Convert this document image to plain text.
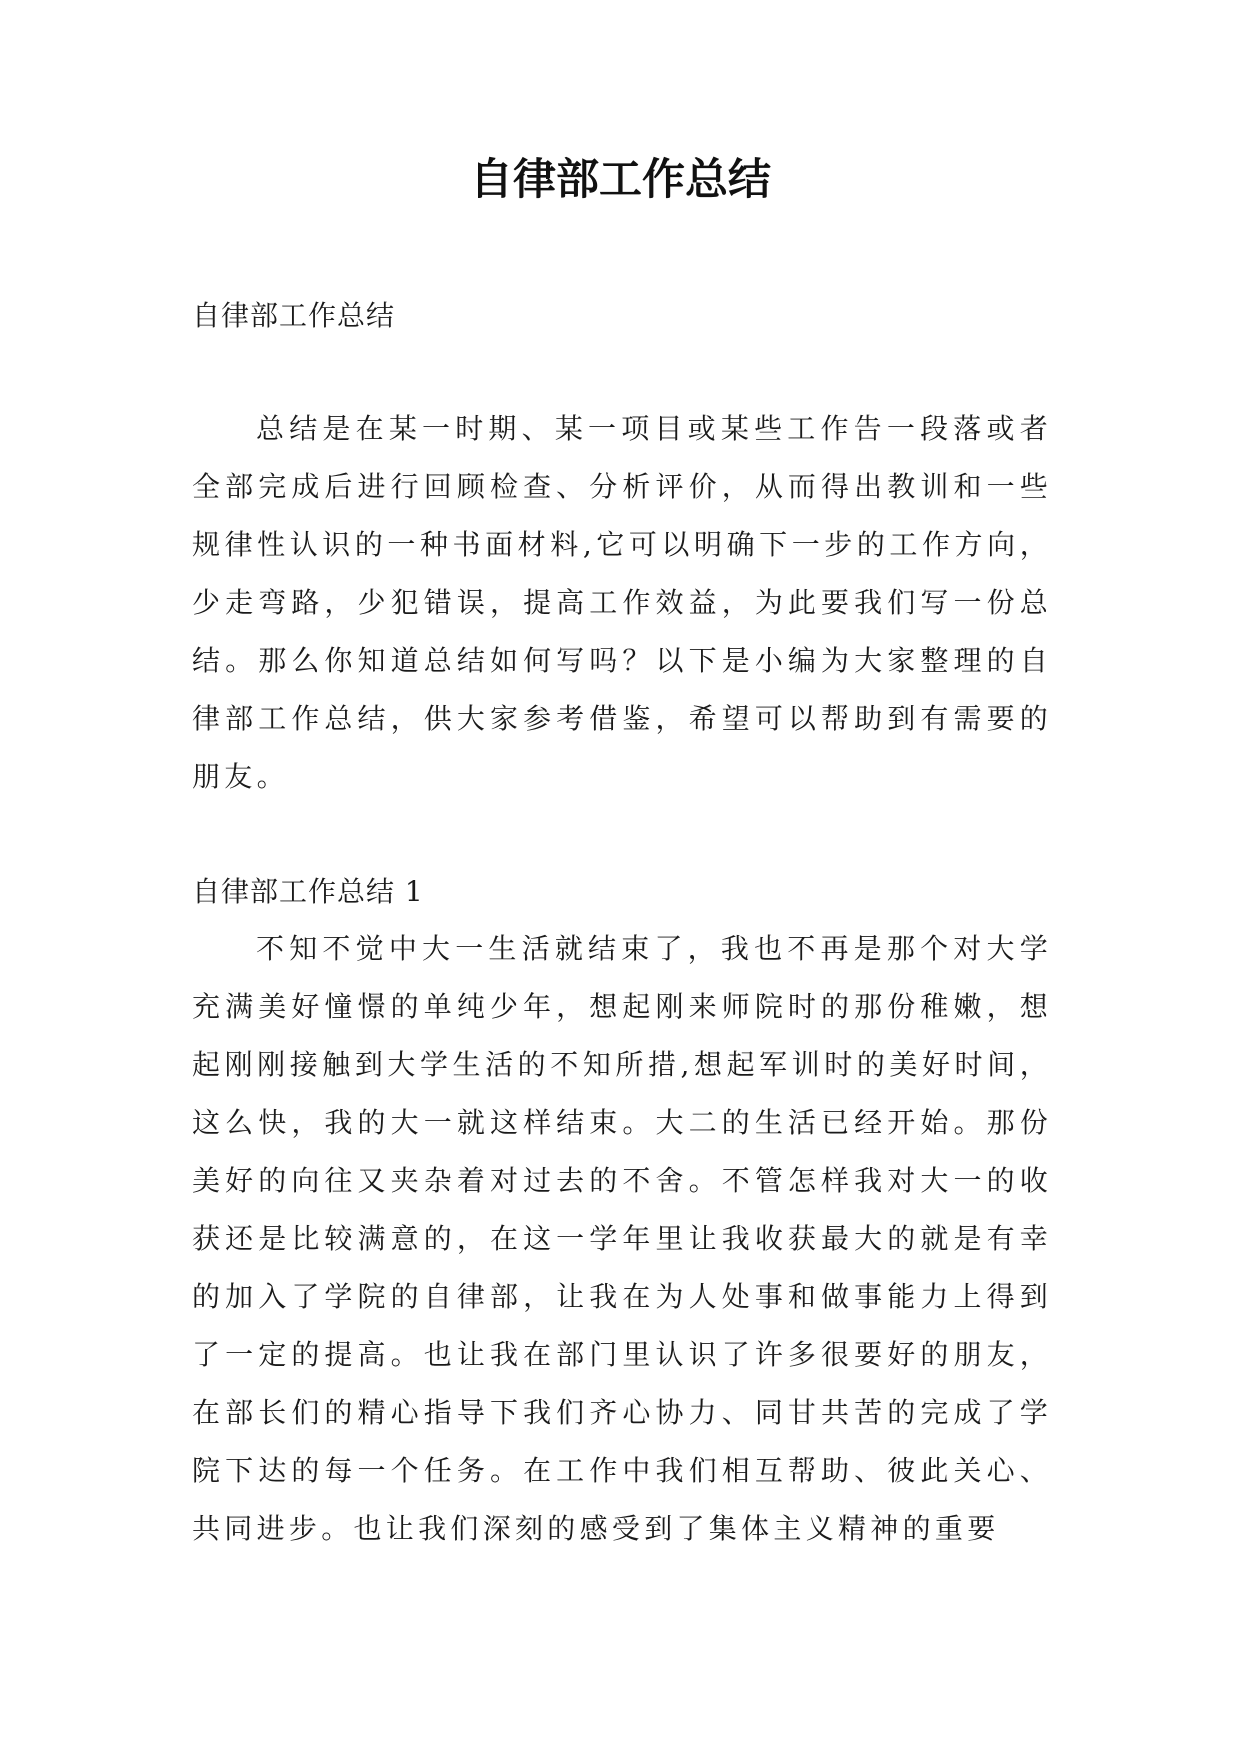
自律部工作总结

自律部工作总结

总结是在某一时期、某一项目或某些工作告一段落或者全部完成后进行回顾检查、分析评价，从而得出教训和一些规律性认识的一种书面材料,它可以明确下一步的工作方向，少走弯路，少犯错误，提高工作效益，为此要我们写一份总结。那么你知道总结如何写吗？以下是小编为大家整理的自律部工作总结，供大家参考借鉴，希望可以帮助到有需要的朋友。

自律部工作总结 1

不知不觉中大一生活就结束了，我也不再是那个对大学充满美好憧憬的单纯少年，想起刚来师院时的那份稚嫩，想起刚刚接触到大学生活的不知所措,想起军训时的美好时间，这么快，我的大一就这样结束。大二的生活已经开始。那份美好的向往又夹杂着对过去的不舍。不管怎样我对大一的收获还是比较满意的，在这一学年里让我收获最大的就是有幸的加入了学院的自律部，让我在为人处事和做事能力上得到了一定的提高。也让我在部门里认识了许多很要好的朋友，在部长们的精心指导下我们齐心协力、同甘共苦的完成了学院下达的每一个任务。在工作中我们相互帮助、彼此关心、共同进步。也让我们深刻的感受到了集体主义精神的重要
